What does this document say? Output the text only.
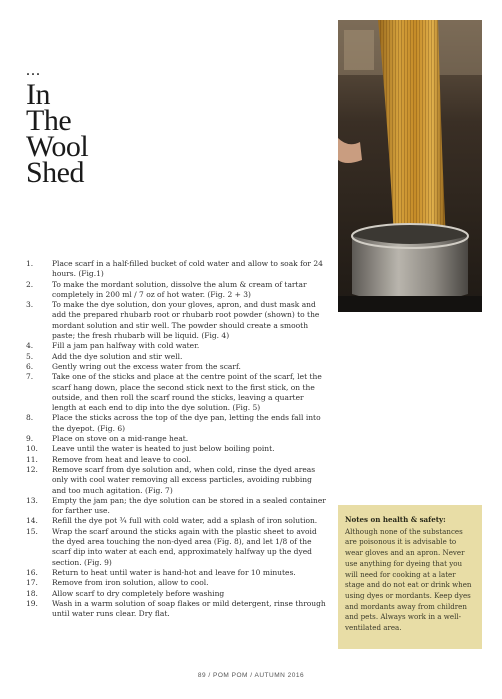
...
In
The
Wool
Shed
1.	Place scarf in a half-filled bucket of cold water and allow to soak for 24 hours. (Fig.1)
2.	To make the mordant solution, dissolve the alum & cream of tartar completely in 200 ml / 7 oz of hot water. (Fig. 2 + 3)
3.	To make the dye solution, don your gloves, apron, and dust mask and add the prepared rhubarb root or rhubarb root powder (shown) to the mordant solution and stir well. The powder should create a smooth paste; the fresh rhubarb will be liquid. (Fig. 4)
4.	Fill a jam pan halfway with cold water.
5.	Add the dye solution and stir well.
6.	Gently wring out the excess water from the scarf.
7.	Take one of the sticks and place at the centre point of the scarf, let the scarf hang down, place the second stick next to the first stick, on the outside, and then roll the scarf round the sticks, leaving a quarter length at each end to dip into the dye solution. (Fig. 5)
8.	Place the sticks across the top of the dye pan, letting the ends fall into the dyepot. (Fig. 6)
9.	Place on stove on a mid-range heat.
10. Leave until the water is heated to just below boiling point.
11. Remove from heat and leave to cool.
12. Remove scarf from dye solution and, when cold, rinse the dyed areas only with cool water removing all excess particles, avoiding rubbing and too much agitation. (Fig. 7)
13. Empty the jam pan; the dye solution can be stored in a sealed container for farther use.
14. Refill the dye pot ¾ full with cold water, add a splash of iron solution.
15. Wrap the scarf around the sticks again with the plastic sheet to avoid the dyed area touching the non-dyed area (Fig. 8), and let 1/8 of the scarf dip into water at each end, approximately halfway up the dyed section. (Fig. 9)
16. Return to heat until water is hand-hot and leave for 10 minutes.
17. Remove from iron solution, allow to cool.
18. Allow scarf to dry completely before washing
19. Wash in a warm solution of soap flakes or mild detergent, rinse through until water runs clear. Dry flat.
Notes on health & safety:
Although none of the substances are poisonous it is advisable to wear gloves and an apron. Never use anything for dyeing that you will need for cooking at a later stage and do not eat or drink when using dyes or mordants. Keep dyes and mordants away from children and pets. Always work in a well-ventilated area.
89 / POM POM / AUTUMN 2016
